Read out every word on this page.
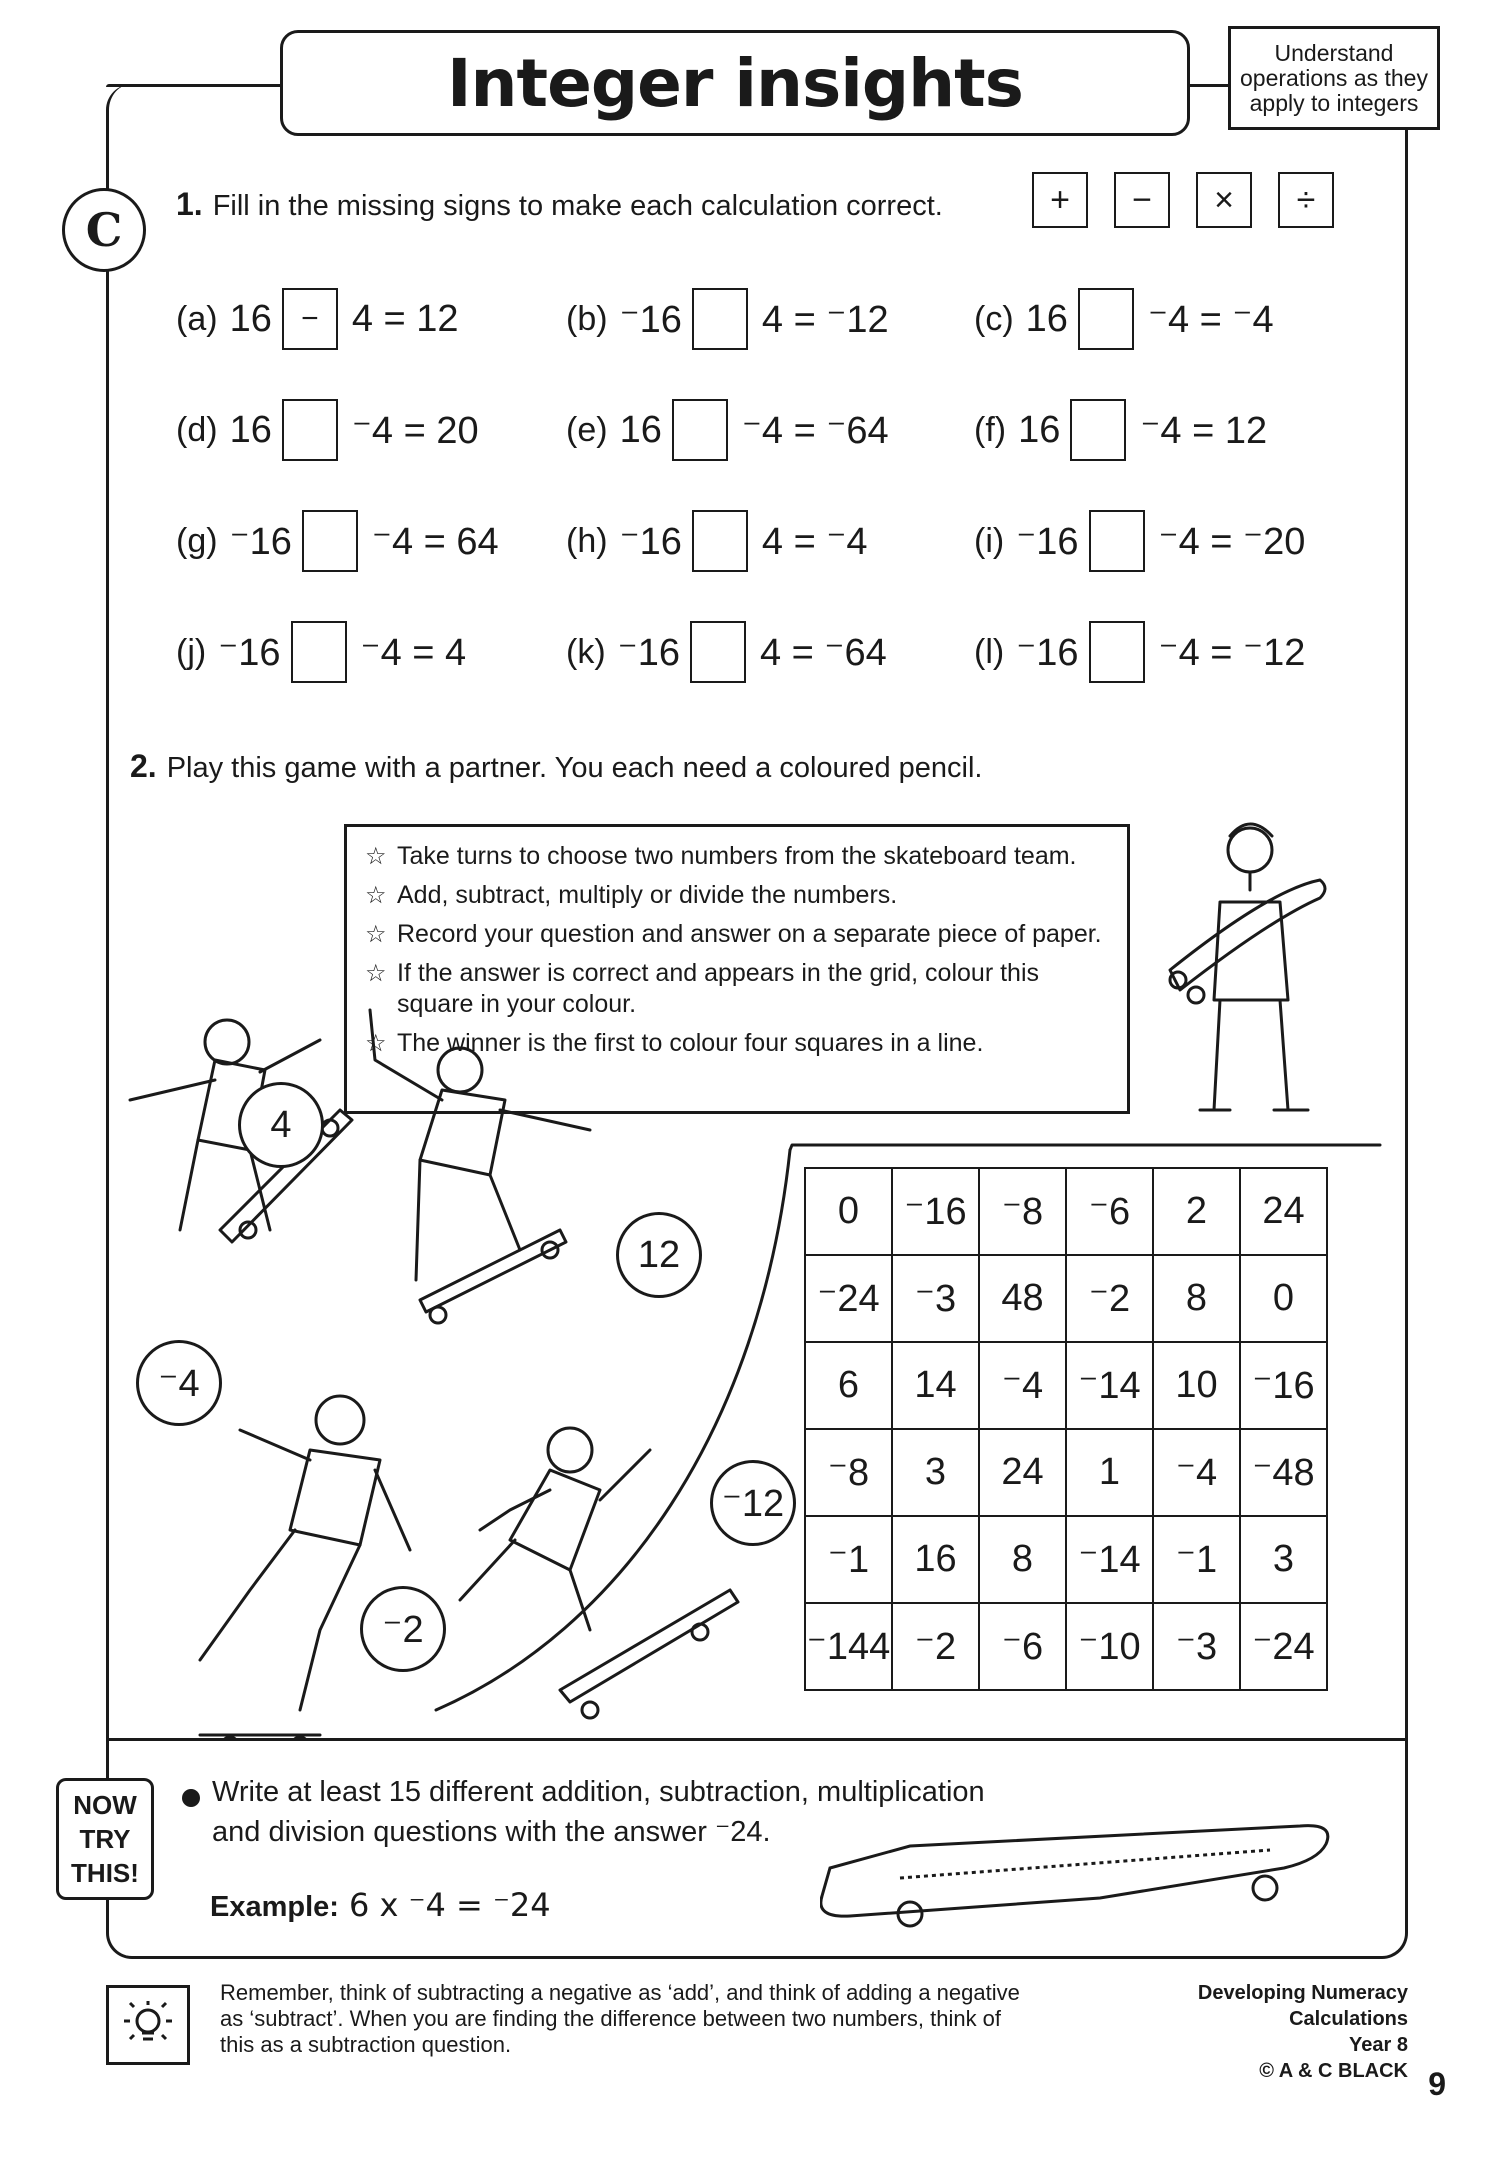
Integer insights	Understand operations as they apply to integers
C	1. Fill in the missing signs to make each calculation correct.	+	−	×	÷
(a) 16 − 4 = 12	(b) ⁻16 4 = ⁻12	(c) 16 ⁻4 = ⁻4
(d) 16 ⁻4 = 20	(e) 16 ⁻4 = ⁻64	(f) 16 ⁻4 = 12
(g) ⁻16 ⁻4 = 64 (h) ⁻16 4 = ⁻4	(i) ⁻16 ⁻4 = ⁻20
(j) ⁻16 ⁻4 = 4	(k) ⁻16 4 = ⁻64	(l) ⁻16 ⁻4 = ⁻12
2. Play this game with a partner. You each need a coloured pencil.
☆ Take turns to choose two numbers from the skateboard team.
☆ Add, subtract, multiply or divide the numbers.
☆ Record your question and answer on a separate piece of paper.
☆ If the answer is correct and appears in the grid, colour this square in your colour.
☆ The winner is the first to colour four squares in a line.
4
12
⁻4
⁻12
⁻2
0	⁻16	⁻8	⁻6	2	24
⁻24	⁻3	48	⁻2	8	0
6	14	⁻4	⁻14	10	⁻16
⁻8	3	24	1	⁻4	⁻48
⁻1	16	8	⁻14	⁻1	3
⁻144	⁻2	⁻6	⁻10	⁻3	⁻24
NOW
TRY
THIS!
Write at least 15 different addition, subtraction, multiplication
and division questions with the answer ⁻24.
Example: 6 x ⁻4 = ⁻24
Remember, think of subtracting a negative as ‘add’, and think of adding a negative as ‘subtract’. When you are finding the difference between two numbers, think of this as a subtraction question.
Developing Numeracy
Calculations
Year 8
© A & C BLACK 9
